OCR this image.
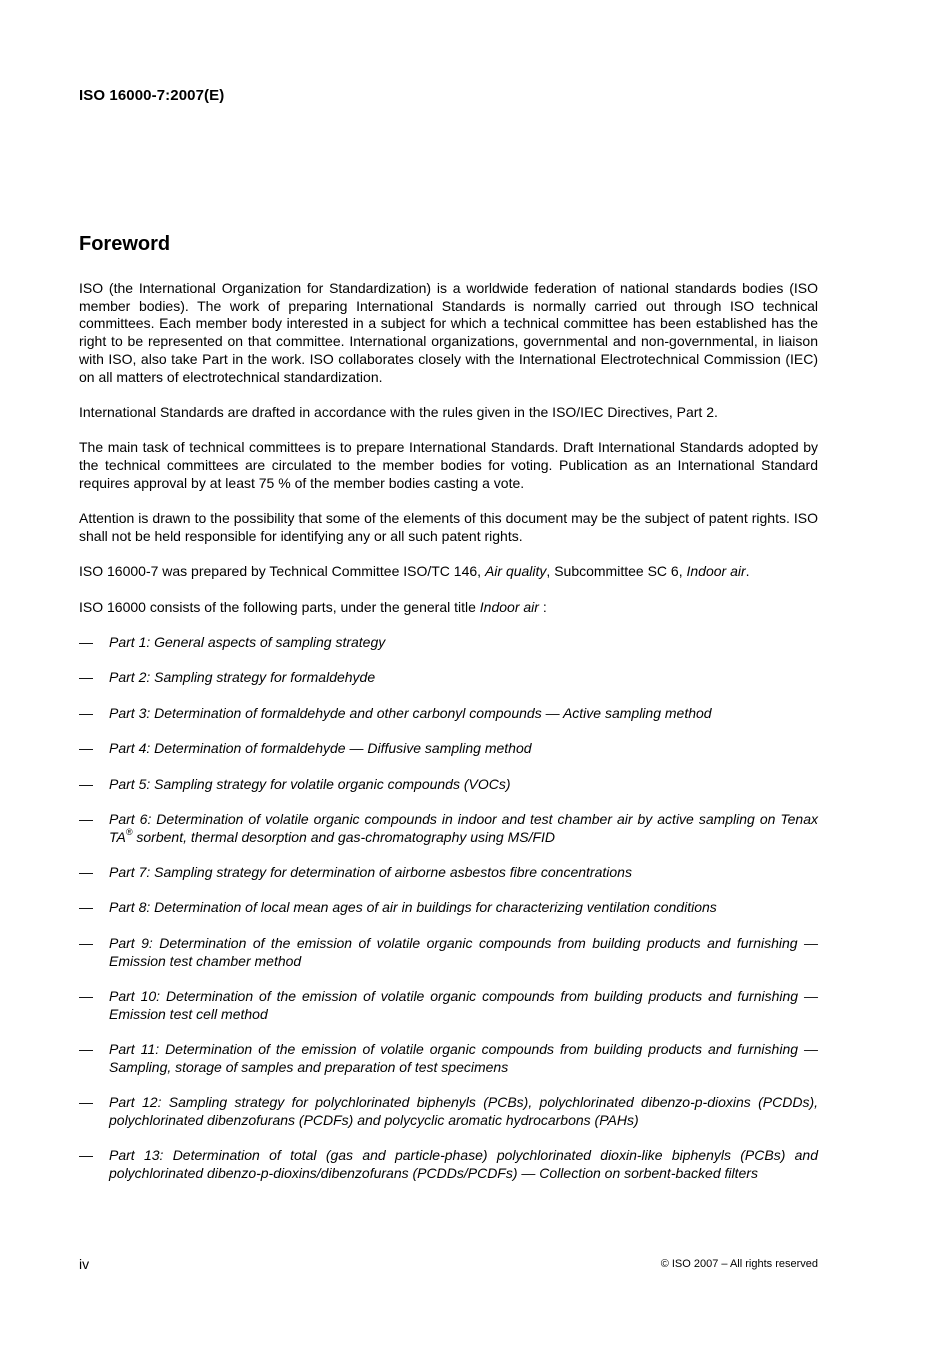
ISO 16000-7:2007(E)
Foreword

ISO (the International Organization for Standardization) is a worldwide federation of national standards bodies (ISO member bodies). The work of preparing International Standards is normally carried out through ISO technical committees. Each member body interested in a subject for which a technical committee has been established has the right to be represented on that committee. International organizations, governmental and non-governmental, in liaison with ISO, also take Part in the work. ISO collaborates closely with the International Electrotechnical Commission (IEC) on all matters of electrotechnical standardization.

International Standards are drafted in accordance with the rules given in the ISO/IEC Directives, Part 2.

The main task of technical committees is to prepare International Standards. Draft International Standards adopted by the technical committees are circulated to the member bodies for voting. Publication as an International Standard requires approval by at least 75 % of the member bodies casting a vote.

Attention is drawn to the possibility that some of the elements of this document may be the subject of patent rights. ISO shall not be held responsible for identifying any or all such patent rights.

ISO 16000-7 was prepared by Technical Committee ISO/TC 146, Air quality, Subcommittee SC 6, Indoor air.

ISO 16000 consists of the following parts, under the general title Indoor air :

—	Part 1: General aspects of sampling strategy
—	Part 2: Sampling strategy for formaldehyde
—	Part 3: Determination of formaldehyde and other carbonyl compounds — Active sampling method
—	Part 4: Determination of formaldehyde — Diffusive sampling method
—	Part 5: Sampling strategy for volatile organic compounds (VOCs)
—	Part 6: Determination of volatile organic compounds in indoor and test chamber air by active sampling on Tenax TA® sorbent, thermal desorption and gas-chromatography using MS/FID
—	Part 7: Sampling strategy for determination of airborne asbestos fibre concentrations
—	Part 8: Determination of local mean ages of air in buildings for characterizing ventilation conditions
—	Part 9: Determination of the emission of volatile organic compounds from building products and furnishing — Emission test chamber method
—	Part 10: Determination of the emission of volatile organic compounds from building products and furnishing — Emission test cell method
—	Part 11: Determination of the emission of volatile organic compounds from building products and furnishing —Sampling, storage of samples and preparation of test specimens
—	Part 12: Sampling strategy for polychlorinated biphenyls (PCBs), polychlorinated dibenzo-p-dioxins (PCDDs), polychlorinated dibenzofurans (PCDFs) and polycyclic aromatic hydrocarbons (PAHs)
—	Part 13: Determination of total (gas and particle-phase) polychlorinated dioxin-like biphenyls (PCBs) and polychlorinated dibenzo-p-dioxins/dibenzofurans (PCDDs/PCDFs) — Collection on sorbent-backed filters
iv	© ISO 2007 – All rights reserved
